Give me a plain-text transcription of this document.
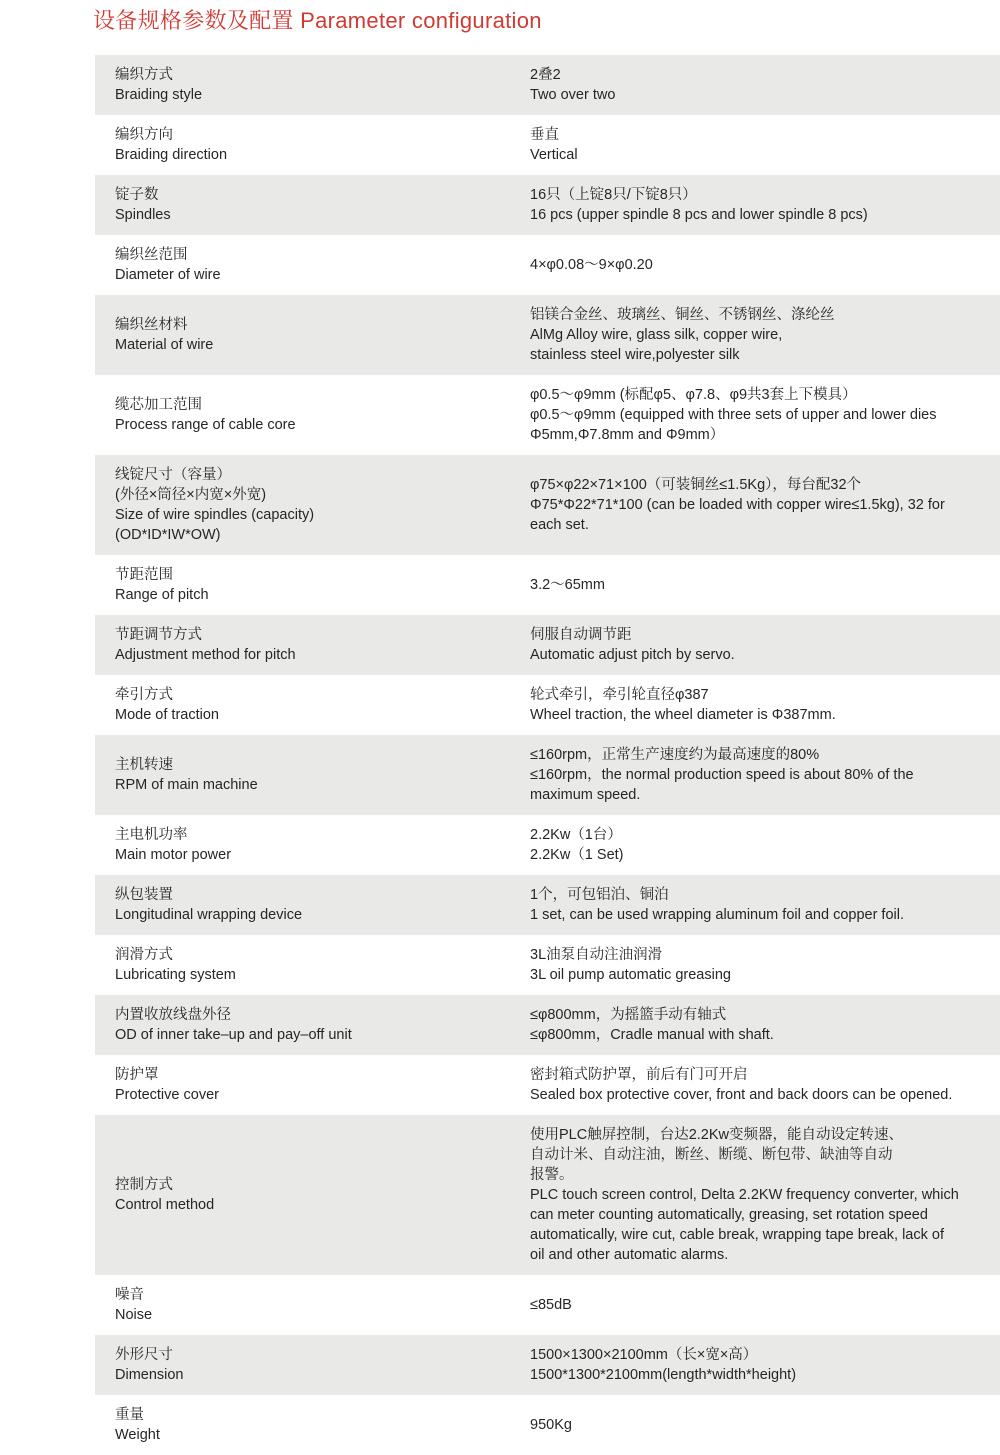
设备规格参数及配置 Parameter configuration
编织方式
Braiding style
2叠2
Two over two
编织方向
Braiding direction
垂直
Vertical
锭子数
Spindles
16只（上锭8只/下锭8只）
16 pcs (upper spindle 8 pcs and lower spindle 8 pcs)
编织丝范围
Diameter of wire
4×φ0.08～9×φ0.20
编织丝材料
Material of wire
铝镁合金丝、玻璃丝、铜丝、不锈钢丝、涤纶丝
AlMg Alloy wire, glass silk, copper wire,
stainless steel wire,polyester silk
缆芯加工范围
Process range of cable core
φ0.5～φ9mm (标配φ5、φ7.8、φ9共3套上下模具）
φ0.5～φ9mm (equipped with three sets of upper and lower dies
Φ5mm,Φ7.8mm and Φ9mm）
线锭尺寸（容量）
(外径×筒径×内宽×外宽)
Size of wire spindles (capacity)
(OD*ID*IW*OW)
φ75×φ22×71×100（可装铜丝≤1.5Kg），每台配32个
Φ75*Φ22*71*100 (can be loaded with copper wire≤1.5kg), 32 for
each set.
节距范围
Range of pitch
3.2～65mm
节距调节方式
Adjustment method for pitch
伺服自动调节距
Automatic adjust pitch by servo.
牵引方式
Mode of traction
轮式牵引，牵引轮直径φ387
Wheel traction, the wheel diameter is Φ387mm.
主机转速
RPM of main machine
≤160rpm，正常生产速度约为最高速度的80%
≤160rpm，the normal production speed is about 80% of the
maximum speed.
主电机功率
Main motor power
2.2Kw（1台）
2.2Kw（1 Set)
纵包装置
Longitudinal wrapping device
1个，可包铝泊、铜泊
1 set, can be used wrapping aluminum foil and copper foil.
润滑方式
Lubricating system
3L油泵自动注油润滑
3L oil pump automatic greasing
内置收放线盘外径
OD of inner take–up and pay–off unit
≤φ800mm，为摇篮手动有轴式
≤φ800mm，Cradle manual with shaft.
防护罩
Protective cover
密封箱式防护罩，前后有门可开启
Sealed box protective cover, front and back doors can be opened.
控制方式
Control method
使用PLC触屏控制，台达2.2Kw变频器，能自动设定转速、
自动计米、自动注油，断丝、断缆、断包带、缺油等自动
报警。
PLC touch screen control, Delta 2.2KW frequency converter, which
can meter counting automatically, greasing, set rotation speed
automatically, wire cut, cable break, wrapping tape break, lack of
oil and other automatic alarms.
噪音
Noise
≤85dB
外形尺寸
Dimension
1500×1300×2100mm（长×宽×高）
1500*1300*2100mm(length*width*height)
重量
Weight
950Kg
